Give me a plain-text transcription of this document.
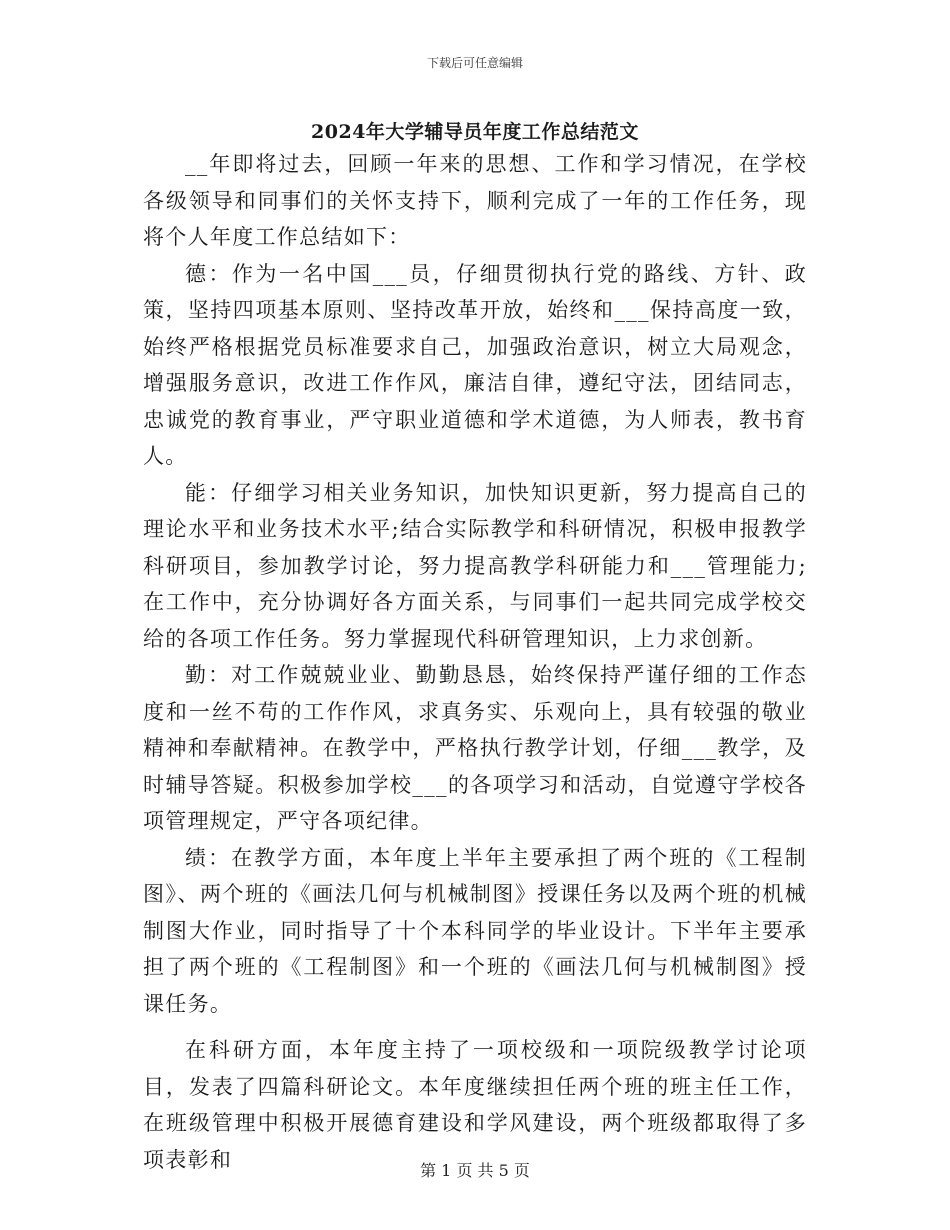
下载后可任意编辑
2024年大学辅导员年度工作总结范文

__年即将过去，回顾一年来的思想、工作和学习情况，在学校各级领导和同事们的关怀支持下，顺利完成了一年的工作任务，现将个人年度工作总结如下：

德：作为一名中国___员，仔细贯彻执行党的路线、方针、政策，坚持四项基本原则、坚持改革开放，始终和___保持高度一致，始终严格根据党员标准要求自己，加强政治意识，树立大局观念，增强服务意识，改进工作作风，廉洁自律，遵纪守法，团结同志，忠诚党的教育事业，严守职业道德和学术道德，为人师表，教书育人。

能：仔细学习相关业务知识，加快知识更新，努力提高自己的理论水平和业务技术水平;结合实际教学和科研情况，积极申报教学科研项目，参加教学讨论，努力提高教学科研能力和___管理能力;在工作中，充分协调好各方面关系，与同事们一起共同完成学校交给的各项工作任务。努力掌握现代科研管理知识，上力求创新。

勤：对工作兢兢业业、勤勤恳恳，始终保持严谨仔细的工作态度和一丝不苟的工作作风，求真务实、乐观向上，具有较强的敬业精神和奉献精神。在教学中，严格执行教学计划，仔细___教学，及时辅导答疑。积极参加学校___的各项学习和活动，自觉遵守学校各项管理规定，严守各项纪律。

绩：在教学方面，本年度上半年主要承担了两个班的《工程制图》、两个班的《画法几何与机械制图》授课任务以及两个班的机械制图大作业，同时指导了十个本科同学的毕业设计。下半年主要承担了两个班的《工程制图》和一个班的《画法几何与机械制图》授课任务。

在科研方面，本年度主持了一项校级和一项院级教学讨论项目，发表了四篇科研论文。本年度继续担任两个班的班主任工作，在班级管理中积极开展德育建设和学风建设，两个班级都取得了多项表彰和	第 1 页 共 5 页
